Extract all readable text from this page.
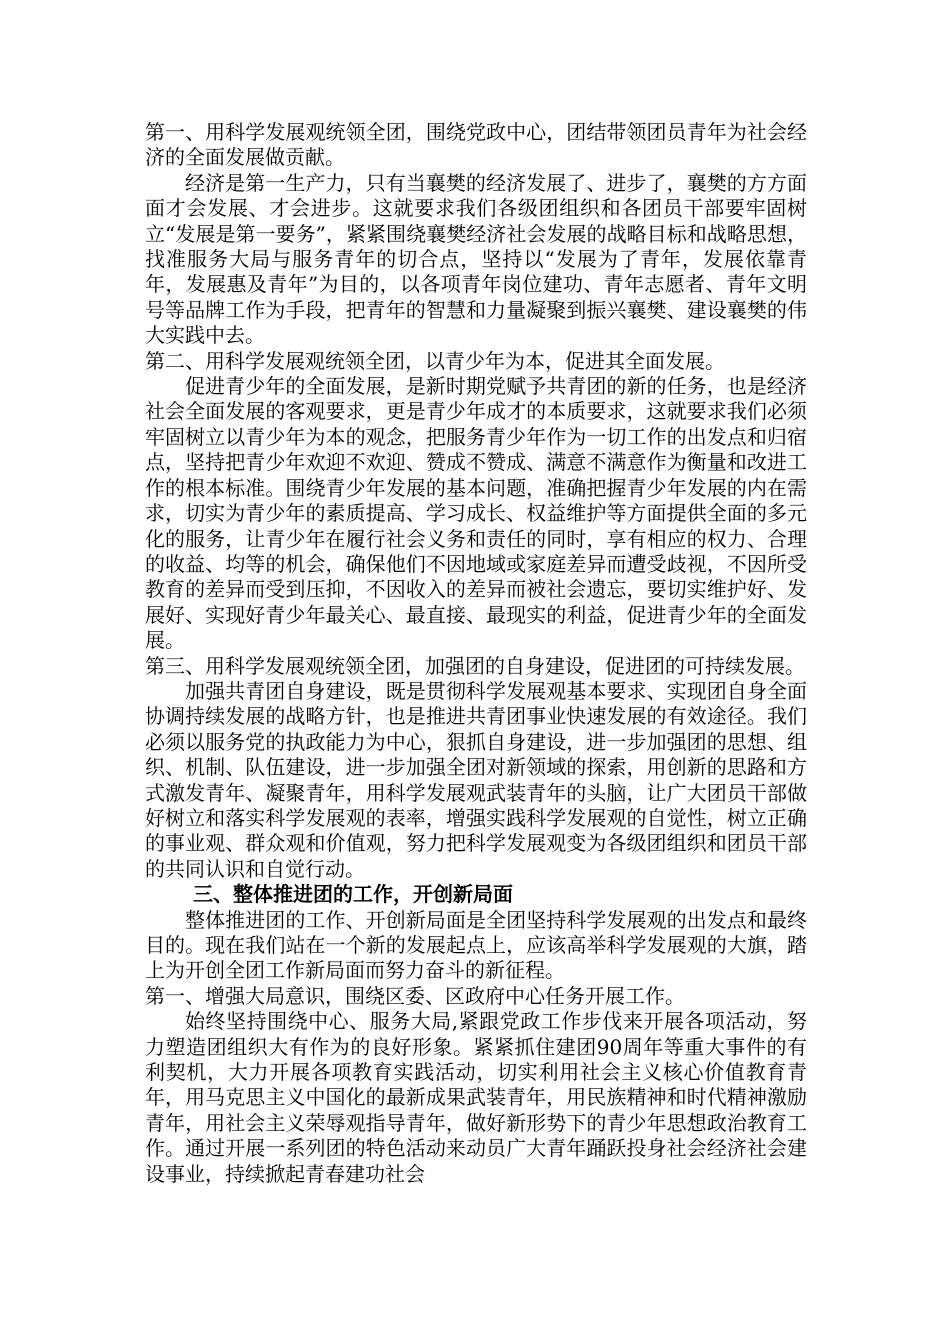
第一、用科学发展观统领全团，围绕党政中心，团结带领团员青年为社会经济的全面发展做贡献。

经济是第一生产力，只有当襄樊的经济发展了、进步了，襄樊的方方面面才会发展、才会进步。这就要求我们各级团组织和各团员干部要牢固树立“发展是第一要务”，紧紧围绕襄樊经济社会发展的战略目标和战略思想，找准服务大局与服务青年的切合点，坚持以“发展为了青年，发展依靠青年，发展惠及青年”为目的，以各项青年岗位建功、青年志愿者、青年文明号等品牌工作为手段，把青年的智慧和力量凝聚到振兴襄樊、建设襄樊的伟大实践中去。

第二、用科学发展观统领全团，以青少年为本，促进其全面发展。

促进青少年的全面发展，是新时期党赋予共青团的新的任务，也是经济社会全面发展的客观要求，更是青少年成才的本质要求，这就要求我们必须牢固树立以青少年为本的观念，把服务青少年作为一切工作的出发点和归宿点，坚持把青少年欢迎不欢迎、赞成不赞成、满意不满意作为衡量和改进工作的根本标准。围绕青少年发展的基本问题，准确把握青少年发展的内在需求，切实为青少年的素质提高、学习成长、权益维护等方面提供全面的多元化的服务，让青少年在履行社会义务和责任的同时，享有相应的权力、合理的收益、均等的机会，确保他们不因地域或家庭差异而遭受歧视，不因所受教育的差异而受到压抑，不因收入的差异而被社会遗忘，要切实维护好、发展好、实现好青少年最关心、最直接、最现实的利益，促进青少年的全面发展。

第三、用科学发展观统领全团，加强团的自身建设，促进团的可持续发展。

加强共青团自身建设，既是贯彻科学发展观基本要求、实现团自身全面协调持续发展的战略方针，也是推进共青团事业快速发展的有效途径。我们必须以服务党的执政能力为中心，狠抓自身建设，进一步加强团的思想、组织、机制、队伍建设，进一步加强全团对新领域的探索，用创新的思路和方式激发青年、凝聚青年，用科学发展观武装青年的头脑，让广大团员干部做好树立和落实科学发展观的表率，增强实践科学发展观的自觉性，树立正确的事业观、群众观和价值观，努力把科学发展观变为各级团组织和团员干部的共同认识和自觉行动。

三、整体推进团的工作，开创新局面

整体推进团的工作、开创新局面是全团坚持科学发展观的出发点和最终目的。现在我们站在一个新的发展起点上，应该高举科学发展观的大旗，踏上为开创全团工作新局面而努力奋斗的新征程。

第一、增强大局意识，围绕区委、区政府中心任务开展工作。

始终坚持围绕中心、服务大局,紧跟党政工作步伐来开展各项活动，努力塑造团组织大有作为的良好形象。紧紧抓住建团90周年等重大事件的有利契机，大力开展各项教育实践活动，切实利用社会主义核心价值教育青年，用马克思主义中国化的最新成果武装青年，用民族精神和时代精神激励青年，用社会主义荣辱观指导青年，做好新形势下的青少年思想政治教育工作。通过开展一系列团的特色活动来动员广大青年踊跃投身社会经济社会建设事业，持续掀起青春建功社会
